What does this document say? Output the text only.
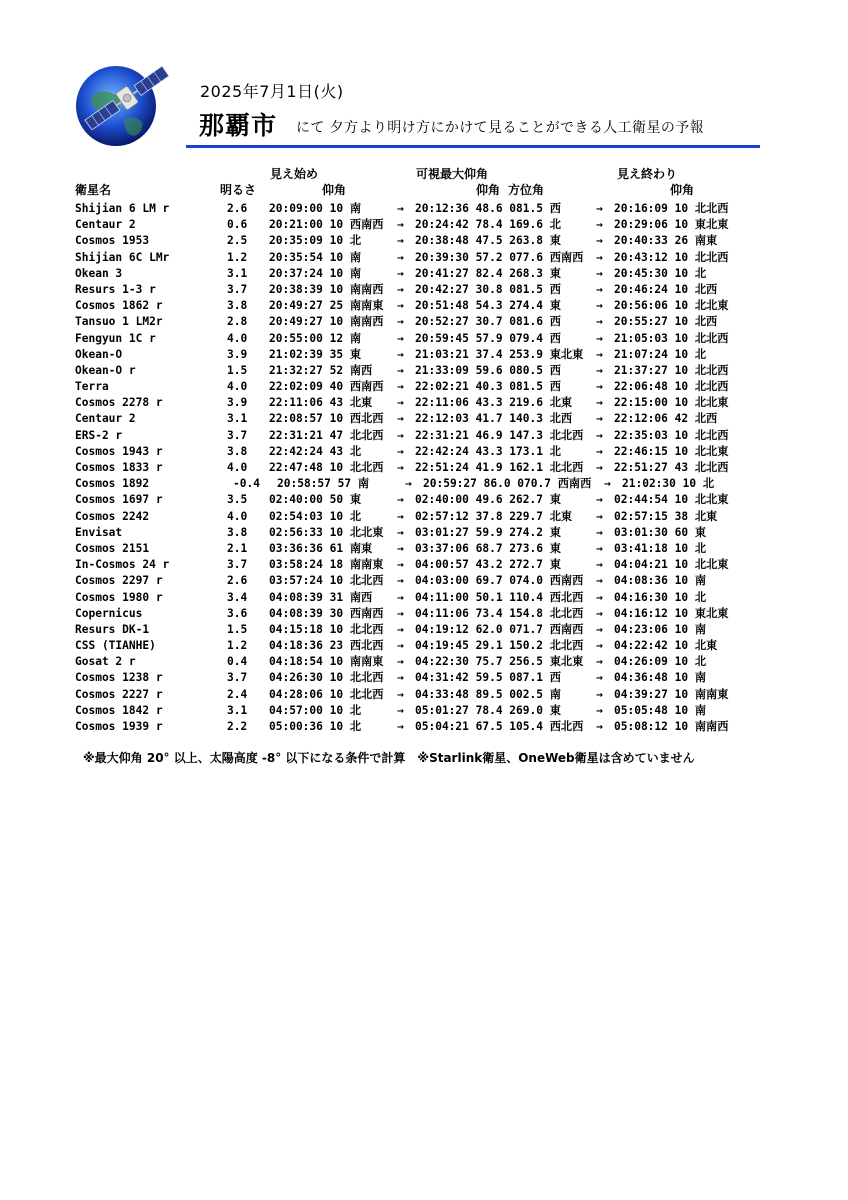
2025年7月1日(火)
那覇市 にて 夕方より明け方にかけて見ることができる人工衛星の予報
見え始め	可視最大仰角	見え終わり
衛星名	明るさ	仰角	仰角 方位角	仰角
Shijian 6 LM r	2.6 20:09:00 10 南	→ 20:12:36 48.6 081.5 西	→ 20:16:09 10 北北西
Centaur 2	0.6 20:21:00 10 西南西 → 20:24:42 78.4 169.6 北	→ 20:29:06 10 東北東
Cosmos 1953	2.5 20:35:09 10 北	→ 20:38:48 47.5 263.8 東	→ 20:40:33 26 南東
Shijian 6C LMr	1.2 20:35:54 10 南	→ 20:39:30 57.2 077.6 西南西 → 20:43:12 10 北北西
Okean 3	3.1 20:37:24 10 南	→ 20:41:27 82.4 268.3 東	→ 20:45:30 10 北
Resurs 1-3 r	3.7 20:38:39 10 南南西 → 20:42:27 30.8 081.5 西	→ 20:46:24 10 北西
Cosmos 1862 r	3.8 20:49:27 25 南南東 → 20:51:48 54.3 274.4 東	→ 20:56:06 10 北北東
Tansuo 1 LM2r	2.8 20:49:27 10 南南西 → 20:52:27 30.7 081.6 西	→ 20:55:27 10 北西
Fengyun 1C r	4.0 20:55:00 12 南	→ 20:59:45 57.9 079.4 西	→ 21:05:03 10 北北西
Okean-O	3.9 21:02:39 35 東	→ 21:03:21 37.4 253.9 東北東 → 21:07:24 10 北
Okean-O r	1.5 21:32:27 52 南西 → 21:33:09 59.6 080.5 西	→ 21:37:27 10 北北西
Terra	4.0 22:02:09 40 西南西 → 22:02:21 40.3 081.5 西	→ 22:06:48 10 北北西
Cosmos 2278 r	3.9 22:11:06 43 北東 → 22:11:06 43.3 219.6 北東 → 22:15:00 10 北北東
Centaur 2	3.1 22:08:57 10 西北西 → 22:12:03 41.7 140.3 北西 → 22:12:06 42 北西
ERS-2 r	3.7 22:31:21 47 北北西 → 22:31:21 46.9 147.3 北北西 → 22:35:03 10 北北西
Cosmos 1943 r	3.8 22:42:24 43 北	→ 22:42:24 43.3 173.1 北	→ 22:46:15 10 北北東
Cosmos 1833 r	4.0 22:47:48 10 北北西 → 22:51:24 41.9 162.1 北北西 → 22:51:27 43 北北西
Cosmos 1892	-0.4 20:58:57 57 南	→ 20:59:27 86.0 070.7 西南西 → 21:02:30 10 北
Cosmos 1697 r	3.5 02:40:00 50 東	→ 02:40:00 49.6 262.7 東	→ 02:44:54 10 北北東
Cosmos 2242	4.0 02:54:03 10 北	→ 02:57:12 37.8 229.7 北東 → 02:57:15 38 北東
Envisat	3.8 02:56:33 10 北北東 → 03:01:27 59.9 274.2 東	→ 03:01:30 60 東
Cosmos 2151	2.1 03:36:36 61 南東 → 03:37:06 68.7 273.6 東	→ 03:41:18 10 北
In-Cosmos 24 r	3.7 03:58:24 18 南南東 → 04:00:57 43.2 272.7 東	→ 04:04:21 10 北北東
Cosmos 2297 r	2.6 03:57:24 10 北北西 → 04:03:00 69.7 074.0 西南西 → 04:08:36 10 南
Cosmos 1980 r	3.4 04:08:39 31 南西 → 04:11:00 50.1 110.4 西北西 → 04:16:30 10 北
Copernicus	3.6 04:08:39 30 西南西 → 04:11:06 73.4 154.8 北北西 → 04:16:12 10 東北東
Resurs DK-1	1.5 04:15:18 10 北北西 → 04:19:12 62.0 071.7 西南西 → 04:23:06 10 南
CSS (TIANHE)	1.2 04:18:36 23 西北西 → 04:19:45 29.1 150.2 北北西 → 04:22:42 10 北東
Gosat 2 r	0.4 04:18:54 10 南南東 → 04:22:30 75.7 256.5 東北東 → 04:26:09 10 北
Cosmos 1238 r	3.7 04:26:30 10 北北西 → 04:31:42 59.5 087.1 西	→ 04:36:48 10 南
Cosmos 2227 r	2.4 04:28:06 10 北北西 → 04:33:48 89.5 002.5 南	→ 04:39:27 10 南南東
Cosmos 1842 r	3.1 04:57:00 10 北	→ 05:01:27 78.4 269.0 東	→ 05:05:48 10 南
Cosmos 1939 r	2.2 05:00:36 10 北	→ 05:04:21 67.5 105.4 西北西 → 05:08:12 10 南南西
※最大仰角 20° 以上、太陽高度 -8° 以下になる条件で計算　※Starlink衛星、OneWeb衛星は含めていません
